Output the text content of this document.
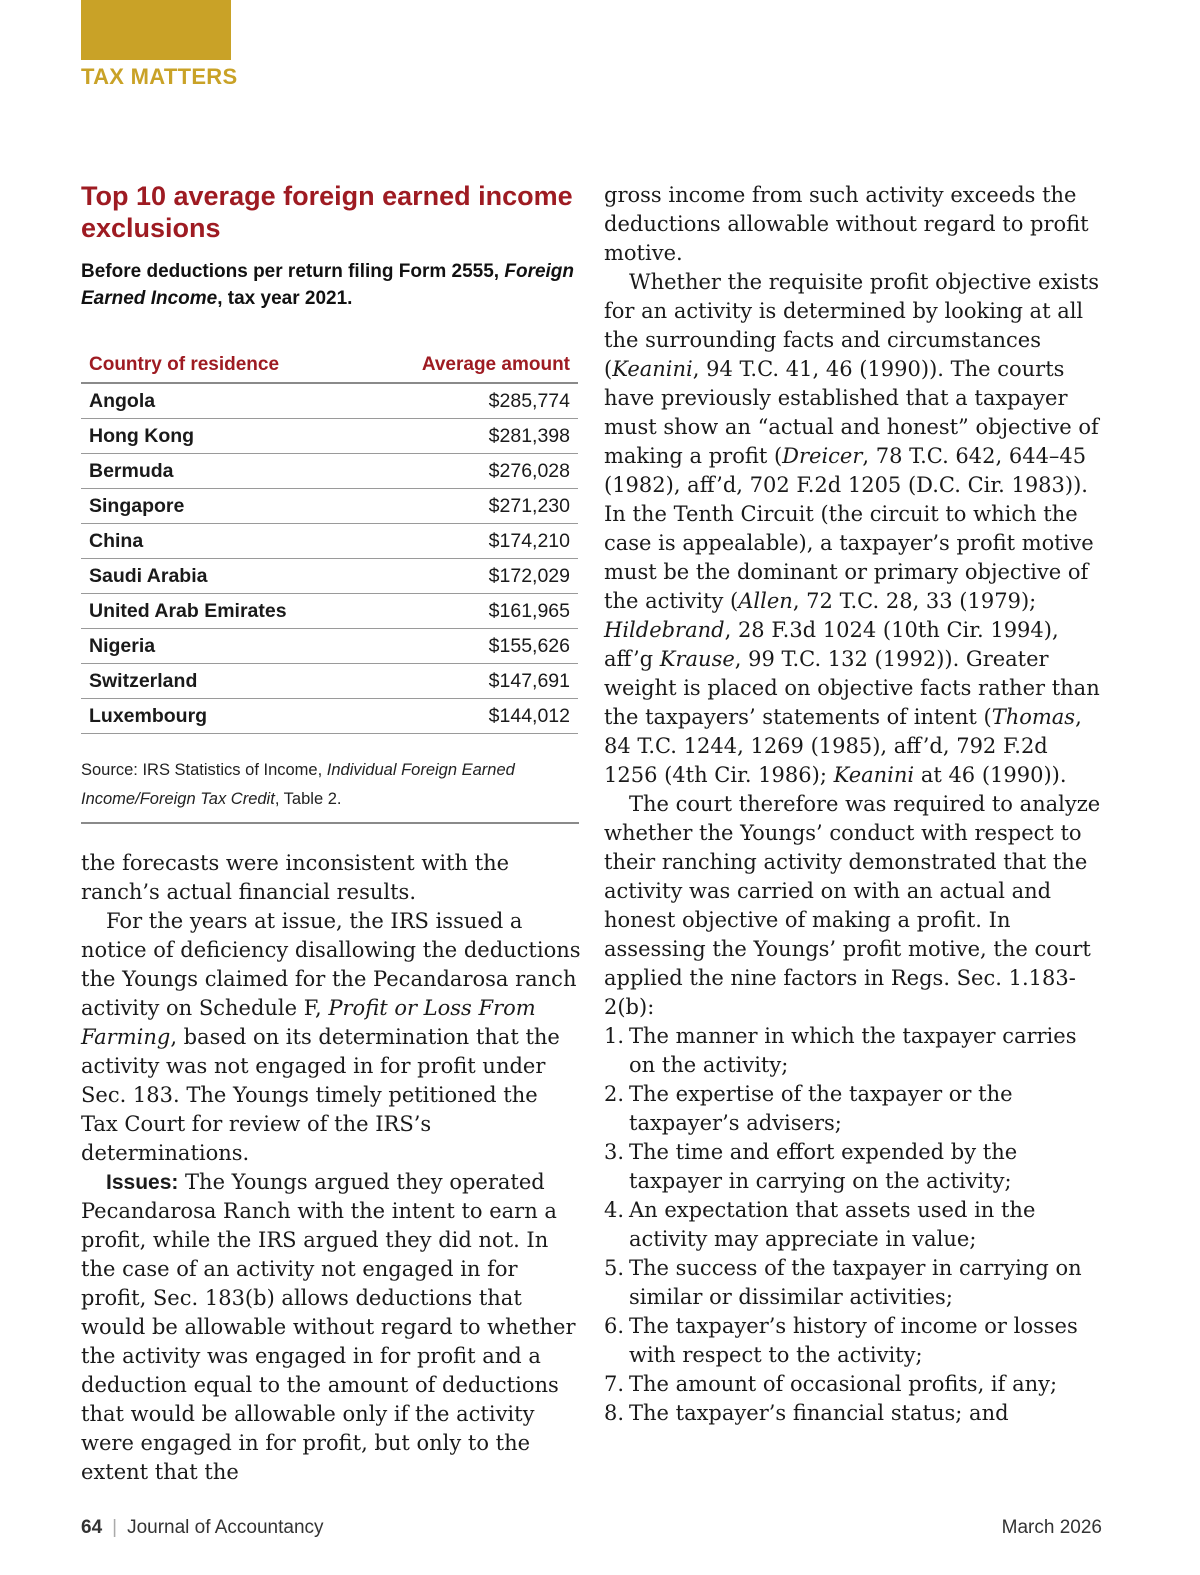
TAX MATTERS
Top 10 average foreign earned income exclusions

Before deductions per return filing Form 2555, Foreign Earned Income, tax year 2021.

Country of residence	Average amount
Angola	$285,774
Hong Kong	$281,398
Bermuda	$276,028
Singapore	$271,230
China	$174,210
Saudi Arabia	$172,029
United Arab Emirates	$161,965
Nigeria	$155,626
Switzerland	$147,691
Luxembourg	$144,012
Source: IRS Statistics of Income, Individual Foreign Earned Income/Foreign Tax Credit, Table 2.

the forecasts were inconsistent with the ranch’s actual financial results.

For the years at issue, the IRS issued a notice of deficiency disallowing the deductions the Youngs claimed for the Pecandarosa ranch activity on Schedule F, Profit or Loss From Farming, based on its determination that the activity was not engaged in for profit under Sec. 183. The Youngs timely petitioned the Tax Court for review of the IRS’s determinations.

Issues: The Youngs argued they operated Pecandarosa Ranch with the intent to earn a profit, while the IRS argued they did not. In the case of an activity not engaged in for profit, Sec. 183(b) allows deductions that would be allowable without regard to whether the activity was engaged in for profit and a deduction equal to the amount of deductions that would be allowable only if the activity were engaged in for profit, but only to the extent that the

gross income from such activity exceeds the deductions allowable without regard to profit motive.

Whether the requisite profit objective exists for an activity is determined by looking at all the surrounding facts and circumstances (Keanini, 94 T.C. 41, 46 (1990)). The courts have previously established that a taxpayer must show an “actual and honest” objective of making a profit (Dreicer, 78 T.C. 642, 644–45 (1982), aff’d, 702 F.2d 1205 (D.C. Cir. 1983)). In the Tenth Circuit (the circuit to which the case is appealable), a taxpayer’s profit motive must be the dominant or primary objective of the activity (Allen, 72 T.C. 28, 33 (1979); Hildebrand, 28 F.3d 1024 (10th Cir. 1994), aff’g Krause, 99 T.C. 132 (1992)). Greater weight is placed on objective facts rather than the taxpayers’ statements of intent (Thomas, 84 T.C. 1244, 1269 (1985), aff’d, 792 F.2d 1256 (4th Cir. 1986); Keanini at 46 (1990)).

The court therefore was required to analyze whether the Youngs’ conduct with respect to their ranching activity demonstrated that the activity was carried on with an actual and honest objective of making a profit. In assessing the Youngs’ profit motive, the court applied the nine factors in Regs. Sec. 1.183-2(b):

1. The manner in which the taxpayer carries on the activity;
2. The expertise of the taxpayer or the taxpayer’s advisers;
3. The time and effort expended by the taxpayer in carrying on the activity;
4. An expectation that assets used in the activity may appreciate in value;
5. The success of the taxpayer in carrying on similar or dissimilar activities;
6. The taxpayer’s history of income or losses with respect to the activity;
7. The amount of occasional profits, if any;
8. The taxpayer’s financial status; and
64 | Journal of Accountancy	March 2026
